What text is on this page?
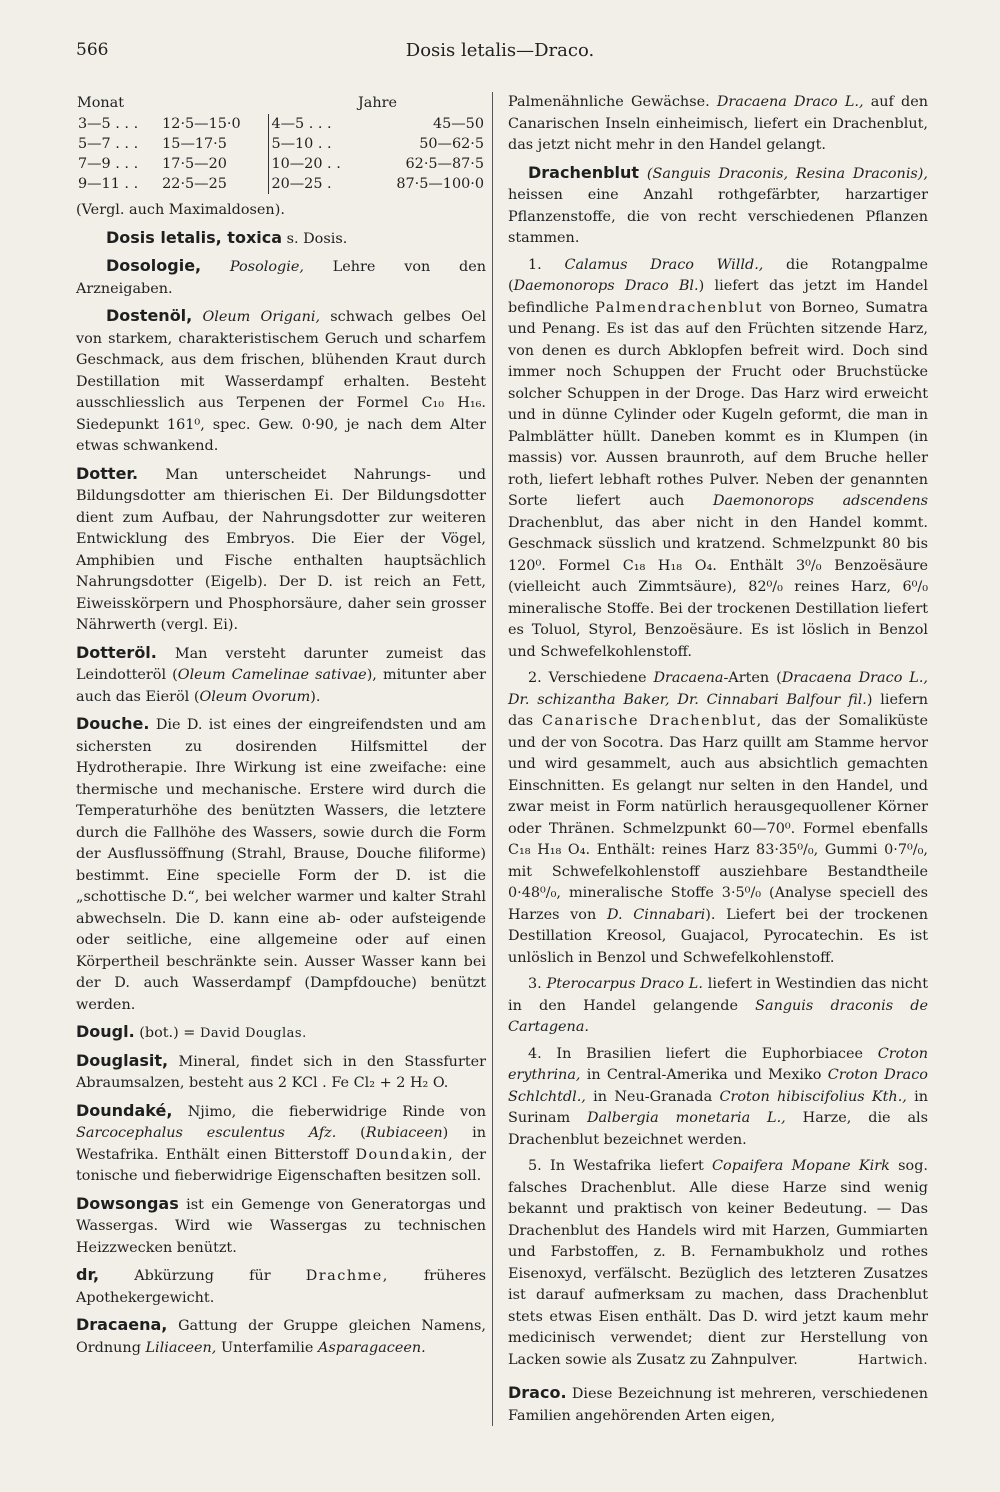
566	Dosis letalis—Draco.
Monat		Jahre	
3—5 . . .	12·5—15·0	4—5 . . .	45—50
5—7 . . .	15—17·5	5—10 . .	50—62·5
7—9 . . .	17·5—20	10—20 . .	62·5—87·5
9—11 . .	22·5—25	20—25 .	87·5—100·0

(Vergl. auch Maximaldosen).

Dosis letalis, toxica s. Dosis.

Dosologie, Posologie, Lehre von den Arzneigaben.

Dostenöl, Oleum Origani, schwach gelbes Oel von starkem, charakteristischem Geruch und scharfem Geschmack, aus dem frischen, blühenden Kraut durch Destillation mit Wasserdampf erhalten. Besteht ausschliesslich aus Terpenen der Formel C₁₀ H₁₆. Siedepunkt 161⁰, spec. Gew. 0·90, je nach dem Alter etwas schwankend.

Dotter. Man unterscheidet Nahrungs- und Bildungsdotter am thierischen Ei. Der Bildungsdotter dient zum Aufbau, der Nahrungsdotter zur weiteren Entwicklung des Embryos. Die Eier der Vögel, Amphibien und Fische enthalten hauptsächlich Nahrungsdotter (Eigelb). Der D. ist reich an Fett, Eiweisskörpern und Phosphorsäure, daher sein grosser Nährwerth (vergl. Ei).

Dotteröl. Man versteht darunter zumeist das Leindotteröl (Oleum Camelinae sativae), mitunter aber auch das Eieröl (Oleum Ovorum).

Douche. Die D. ist eines der eingreifendsten und am sichersten zu dosirenden Hilfsmittel der Hydrotherapie. Ihre Wirkung ist eine zweifache: eine thermische und mechanische. Erstere wird durch die Temperaturhöhe des benützten Wassers, die letztere durch die Fallhöhe des Wassers, sowie durch die Form der Ausflussöffnung (Strahl, Brause, Douche filiforme) bestimmt. Eine specielle Form der D. ist die „schottische D.“, bei welcher warmer und kalter Strahl abwechseln. Die D. kann eine ab- oder aufsteigende oder seitliche, eine allgemeine oder auf einen Körpertheil beschränkte sein. Ausser Wasser kann bei der D. auch Wasserdampf (Dampfdouche) benützt werden.

Dougl. (bot.) = David Douglas.

Douglasit, Mineral, findet sich in den Stassfurter Abraumsalzen, besteht aus 2 KCl . Fe Cl₂ + 2 H₂ O.

Doundaké, Njimo, die fieberwidrige Rinde von Sarcocephalus esculentus Afz. (Rubiaceen) in Westafrika. Enthält einen Bitterstoff Doundakin, der tonische und fieberwidrige Eigenschaften besitzen soll.

Dowsongas ist ein Gemenge von Generatorgas und Wassergas. Wird wie Wassergas zu technischen Heizzwecken benützt.

dr, Abkürzung für Drachme, früheres Apothekergewicht.

Dracaena, Gattung der Gruppe gleichen Namens, Ordnung Liliaceen, Unterfamilie Asparagaceen.

Palmenähnliche Gewächse. Dracaena Draco L., auf den Canarischen Inseln einheimisch, liefert ein Drachenblut, das jetzt nicht mehr in den Handel gelangt.

Drachenblut (Sanguis Draconis, Resina Draconis), heissen eine Anzahl rothgefärbter, harzartiger Pflanzenstoffe, die von recht verschiedenen Pflanzen stammen.

1. Calamus Draco Willd., die Rotangpalme (Daemonorops Draco Bl.) liefert das jetzt im Handel befindliche Palmendrachenblut von Borneo, Sumatra und Penang. Es ist das auf den Früchten sitzende Harz, von denen es durch Abklopfen befreit wird. Doch sind immer noch Schuppen der Frucht oder Bruchstücke solcher Schuppen in der Droge. Das Harz wird erweicht und in dünne Cylinder oder Kugeln geformt, die man in Palmblätter hüllt. Daneben kommt es in Klumpen (in massis) vor. Aussen braunroth, auf dem Bruche heller roth, liefert lebhaft rothes Pulver. Neben der genannten Sorte liefert auch Daemonorops adscendens Drachenblut, das aber nicht in den Handel kommt. Geschmack süsslich und kratzend. Schmelzpunkt 80 bis 120⁰. Formel C₁₈ H₁₈ O₄. Enthält 3⁰/₀ Benzoësäure (vielleicht auch Zimmtsäure), 82⁰/₀ reines Harz, 6⁰/₀ mineralische Stoffe. Bei der trockenen Destillation liefert es Toluol, Styrol, Benzoësäure. Es ist löslich in Benzol und Schwefelkohlenstoff.

2. Verschiedene Dracaena-Arten (Dracaena Draco L., Dr. schizantha Baker, Dr. Cinnabari Balfour fil.) liefern das Canarische Drachenblut, das der Somaliküste und der von Socotra. Das Harz quillt am Stamme hervor und wird gesammelt, auch aus absichtlich gemachten Einschnitten. Es gelangt nur selten in den Handel, und zwar meist in Form natürlich herausgequollener Körner oder Thränen. Schmelzpunkt 60—70⁰. Formel ebenfalls C₁₈ H₁₈ O₄. Enthält: reines Harz 83·35⁰/₀, Gummi 0·7⁰/₀, mit Schwefelkohlenstoff ausziehbare Bestandtheile 0·48⁰/₀, mineralische Stoffe 3·5⁰/₀ (Analyse speciell des Harzes von D. Cinnabari). Liefert bei der trockenen Destillation Kreosol, Guajacol, Pyrocatechin. Es ist unlöslich in Benzol und Schwefelkohlenstoff.

3. Pterocarpus Draco L. liefert in Westindien das nicht in den Handel gelangende Sanguis draconis de Cartagena.

4. In Brasilien liefert die Euphorbiacee Croton erythrina, in Central-Amerika und Mexiko Croton Draco Schlchtdl., in Neu-Granada Croton hibiscifolius Kth., in Surinam Dalbergia monetaria L., Harze, die als Drachenblut bezeichnet werden.

5. In Westafrika liefert Copaifera Mopane Kirk sog. falsches Drachenblut. Alle diese Harze sind wenig bekannt und praktisch von keiner Bedeutung. — Das Drachenblut des Handels wird mit Harzen, Gummiarten und Farbstoffen, z. B. Fernambukholz und rothes Eisenoxyd, verfälscht. Bezüglich des letzteren Zusatzes ist darauf aufmerksam zu machen, dass Drachenblut stets etwas Eisen enthält. Das D. wird jetzt kaum mehr medicinisch verwendet; dient zur Herstellung von Lacken sowie als Zusatz zu Zahnpulver.	Hartwich.

Draco. Diese Bezeichnung ist mehreren, verschiedenen Familien angehörenden Arten eigen,
